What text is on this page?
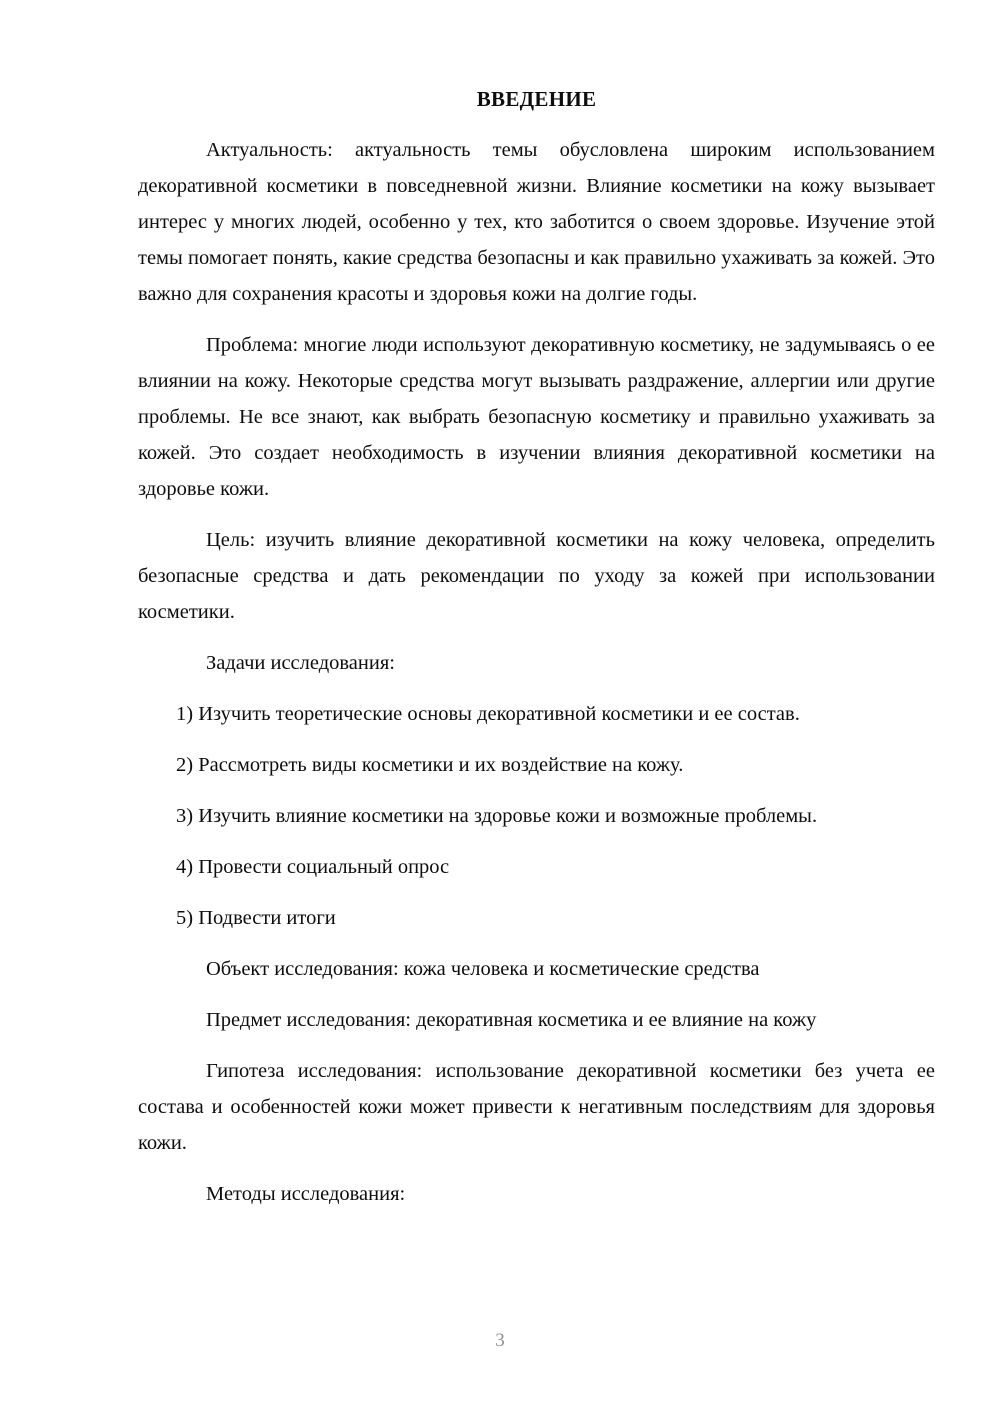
ВВЕДЕНИЕ

Актуальность: актуальность темы обусловлена широким использованием декоративной косметики в повседневной жизни. Влияние косметики на кожу вызывает интерес у многих людей, особенно у тех, кто заботится о своем здоровье. Изучение этой темы помогает понять, какие средства безопасны и как правильно ухаживать за кожей. Это важно для сохранения красоты и здоровья кожи на долгие годы.

Проблема: многие люди используют декоративную косметику, не задумываясь о ее влиянии на кожу. Некоторые средства могут вызывать раздражение, аллергии или другие проблемы. Не все знают, как выбрать безопасную косметику и правильно ухаживать за кожей. Это создает необходимость в изучении влияния декоративной косметики на здоровье кожи.

Цель: изучить влияние декоративной косметики на кожу человека, определить безопасные средства и дать рекомендации по уходу за кожей при использовании косметики.

Задачи исследования:

1) Изучить теоретические основы декоративной косметики и ее состав.

2) Рассмотреть виды косметики и их воздействие на кожу.

3) Изучить влияние косметики на здоровье кожи и возможные проблемы.

4) Провести социальный опрос

5) Подвести итоги

Объект исследования: кожа человека и косметические средства

Предмет исследования: декоративная косметика и ее влияние на кожу

Гипотеза исследования: использование декоративной косметики без учета ее состава и особенностей кожи может привести к негативным последствиям для здоровья кожи.

Методы исследования:

3
